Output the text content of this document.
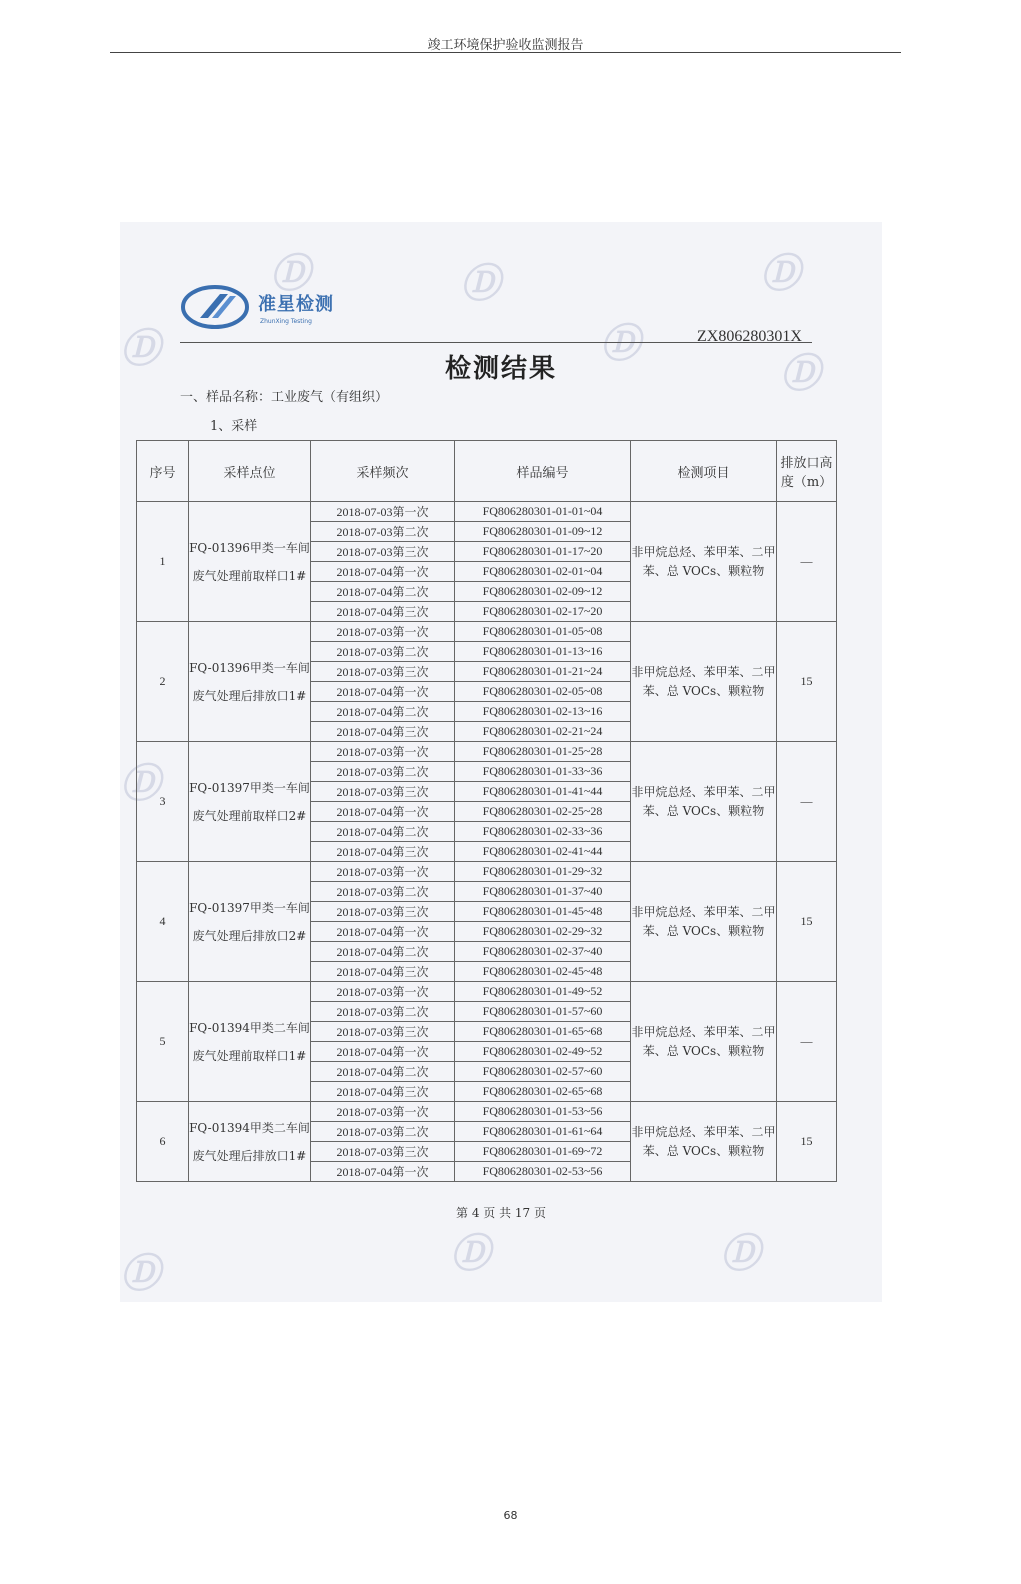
竣工环境保护验收监测报告
Ⓓ	Ⓓ	Ⓓ
Ⓓ	Ⓓ
Ⓓ
Ⓓ
Ⓓ	Ⓓ	Ⓓ
准星检测
ZhunXing Testing
ZX806280301X
检测结果
一、样品名称：工业废气（有组织）
1、采样
序号	采样点位	采样频次	样品编号	检测项目	排放口高度（m）
1	FQ-01396甲类一车间废气处理前取样口1#	2018-07-03第一次	FQ806280301-01-01~04	非甲烷总烃、苯甲苯、二甲苯、总 VOCs、颗粒物	—
		2018-07-03第二次	FQ806280301-01-09~12		
		2018-07-03第三次	FQ806280301-01-17~20		
		2018-07-04第一次	FQ806280301-02-01~04		
		2018-07-04第二次	FQ806280301-02-09~12		
		2018-07-04第三次	FQ806280301-02-17~20		
2	FQ-01396甲类一车间废气处理后排放口1#	2018-07-03第一次	FQ806280301-01-05~08	非甲烷总烃、苯甲苯、二甲苯、总 VOCs、颗粒物	15
		2018-07-03第二次	FQ806280301-01-13~16		
		2018-07-03第三次	FQ806280301-01-21~24		
		2018-07-04第一次	FQ806280301-02-05~08		
		2018-07-04第二次	FQ806280301-02-13~16		
		2018-07-04第三次	FQ806280301-02-21~24		
3	FQ-01397甲类一车间废气处理前取样口2#	2018-07-03第一次	FQ806280301-01-25~28	非甲烷总烃、苯甲苯、二甲苯、总 VOCs、颗粒物	—
		2018-07-03第二次	FQ806280301-01-33~36		
		2018-07-03第三次	FQ806280301-01-41~44		
		2018-07-04第一次	FQ806280301-02-25~28		
		2018-07-04第二次	FQ806280301-02-33~36		
		2018-07-04第三次	FQ806280301-02-41~44		
4	FQ-01397甲类一车间废气处理后排放口2#	2018-07-03第一次	FQ806280301-01-29~32	非甲烷总烃、苯甲苯、二甲苯、总 VOCs、颗粒物	15
		2018-07-03第二次	FQ806280301-01-37~40		
		2018-07-03第三次	FQ806280301-01-45~48		
		2018-07-04第一次	FQ806280301-02-29~32		
		2018-07-04第二次	FQ806280301-02-37~40		
		2018-07-04第三次	FQ806280301-02-45~48		
5	FQ-01394甲类二车间废气处理前取样口1#	2018-07-03第一次	FQ806280301-01-49~52	非甲烷总烃、苯甲苯、二甲苯、总 VOCs、颗粒物	—
		2018-07-03第二次	FQ806280301-01-57~60		
		2018-07-03第三次	FQ806280301-01-65~68		
		2018-07-04第一次	FQ806280301-02-49~52		
		2018-07-04第二次	FQ806280301-02-57~60		
		2018-07-04第三次	FQ806280301-02-65~68		
6	FQ-01394甲类二车间废气处理后排放口1#	2018-07-03第一次	FQ806280301-01-53~56	非甲烷总烃、苯甲苯、二甲苯、总 VOCs、颗粒物	15
		2018-07-03第二次	FQ806280301-01-61~64		
		2018-07-03第三次	FQ806280301-01-69~72		
		2018-07-04第一次	FQ806280301-02-53~56		
第 4 页 共 17 页
68
